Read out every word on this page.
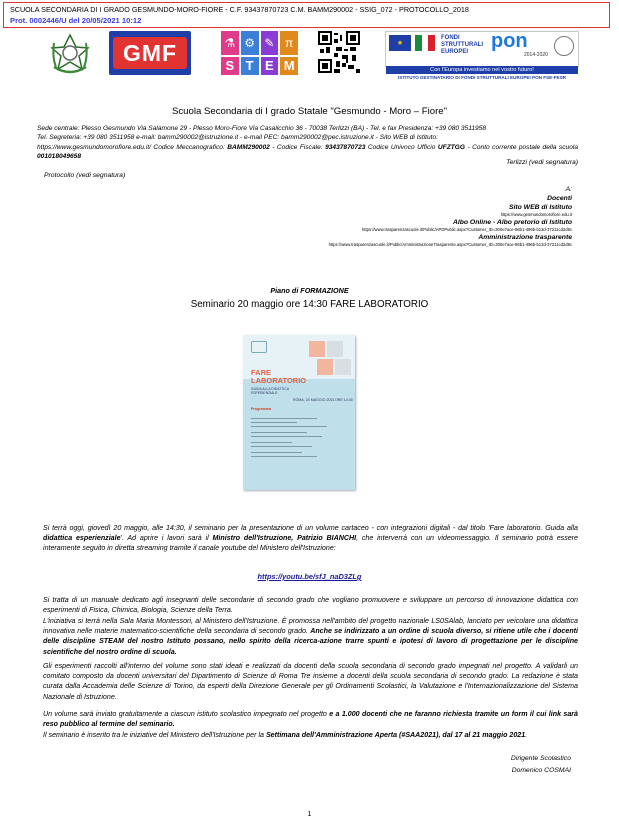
SCUOLA SECONDARIA DI I GRADO GESMUNDO-MORO-FIORE - C.F. 93437870723 C.M. BAMM290002 - SSIG_072 - PROTOCOLLO_2018
Prot. 0002446/U del 20/05/2021 10:12
GMF	⚗ ⚙ ✎ π
S T E M
★
FONDI STRUTTURALI EUROPEI	pon
2014-2020
Con l'Europa investiamo nel vostro futuro!
ISTITUTO DESTINATARIO DI FONDI STRUTTURALI EUROPEI PON FSE-FESR
Scuola Secondaria di I grado Statale "Gesmundo - Moro – Fiore"
Sede centrale: Plesso Gesmundo Via Salamone 29 - Plesso Moro-Fiore Via Casalicchio 36 - 70038 Terlizzi (BA) - Tel. e fax Presidenza: +39 080 3511958
Tel. Segreteria: +39 080 3511958 e-mail: bamm290002@istruzione.it - e-mail PEC: bamm290002@pec.istruzione.it - Sito WEB di Istituto:
https://www.gesmundomorofiore.edu.it/ Codice Meccanografico: BAMM290002 - Codice Fiscale: 93437870723 Codice Univoco Ufficio UFZTGG - Conto corrente postale della scuola 001018049658
Terlizzi (vedi segnatura)
Protocollo (vedi segnatura)
A:
Docenti
Sito WEB di Istituto
https://www.gesmundomorofiore.edu.it
Albo Online - Albo pretorio di Istituto
https://www.trasparenzascuole.it/Public/APDPublic.aspx?Customer_ID=300e7ace-96b1-496b-b13d-37211cd2d8c
Amministrazione trasparente
https://www.trasparenzascuole.it/Public/AmministrazioneTrasparente.aspx?Customer_ID=300e7ace-96b1-496b-b13d-37211cd2d8c
Piano di FORMAZIONE
Seminario 20 maggio ore 14:30 FARE LABORATORIO
FARE
LABORATORIO
GUIDA ALLA DIDATTICA ESPERIENZIALE
ROMA, 20 MAGGIO 2021 ORE 14:30
Programma
Si terrà oggi, giovedì 20 maggio, alle 14:30, il seminario per la presentazione di un volume cartaceo - con integrazioni digitali - dal titolo 'Fare laboratorio. Guida alla didattica esperienziale'. Ad aprire i lavori sarà il Ministro dell'Istruzione, Patrizio BIANCHI, che interverrà con un videomessaggio. Il seminario potrà essere interamente seguito in diretta streaming tramite il canale youtube del Ministero dell'Istruzione:
https://youtu.be/sfJ_naD3ZLg
Si tratta di un manuale dedicato agli insegnanti delle secondarie di secondo grado che vogliano promuovere e sviluppare un percorso di innovazione didattica con esperimenti di Fisica, Chimica, Biologia, Scienze della Terra.
L'iniziativa si terrà nella Sala Maria Montessori, al Ministero dell'Istruzione. È promossa nell'ambito del progetto nazionale LS0SAlab, lanciato per veicolare una didattica innovativa nelle materie matematico-scientifiche della secondaria di secondo grado. Anche se indirizzato a un ordine di scuola diverso, si ritiene utile che i docenti delle discipline STEAM del nostro Istituto possano, nello spirito della ricerca-azione trarre spunti e ipotesi di lavoro di progettazione per le discipline scientifiche del nostro ordine di scuola.
Gli esperimenti raccolti all'interno del volume sono stati ideati e realizzati da docenti della scuola secondaria di secondo grado impegnati nel progetto. A validarli un comitato composto da docenti universitari del Dipartimento di Scienze di Roma Tre insieme a docenti della scuola secondaria di secondo grado. La redazione è stata curata dalla Accademia delle Scienze di Torino, da esperti della Direzione Generale per gli Ordinamenti Scolastici, la Valutazione e l'Internazionalizzazione del Sistema Nazionale di Istruzione.
Un volume sarà inviato gratuitamente a ciascun istituto scolastico impegnato nel progetto e a 1.000 docenti che ne faranno richiesta tramite un form il cui link sarà reso pubblico al termine del seminario.
Il seminario è inserito tra le iniziative del Ministero dell'Istruzione per la Settimana dell'Amministrazione Aperta (#SAA2021), dal 17 al 21 maggio 2021.
Dirigente Scolastico
Domenico COSMAI
1
